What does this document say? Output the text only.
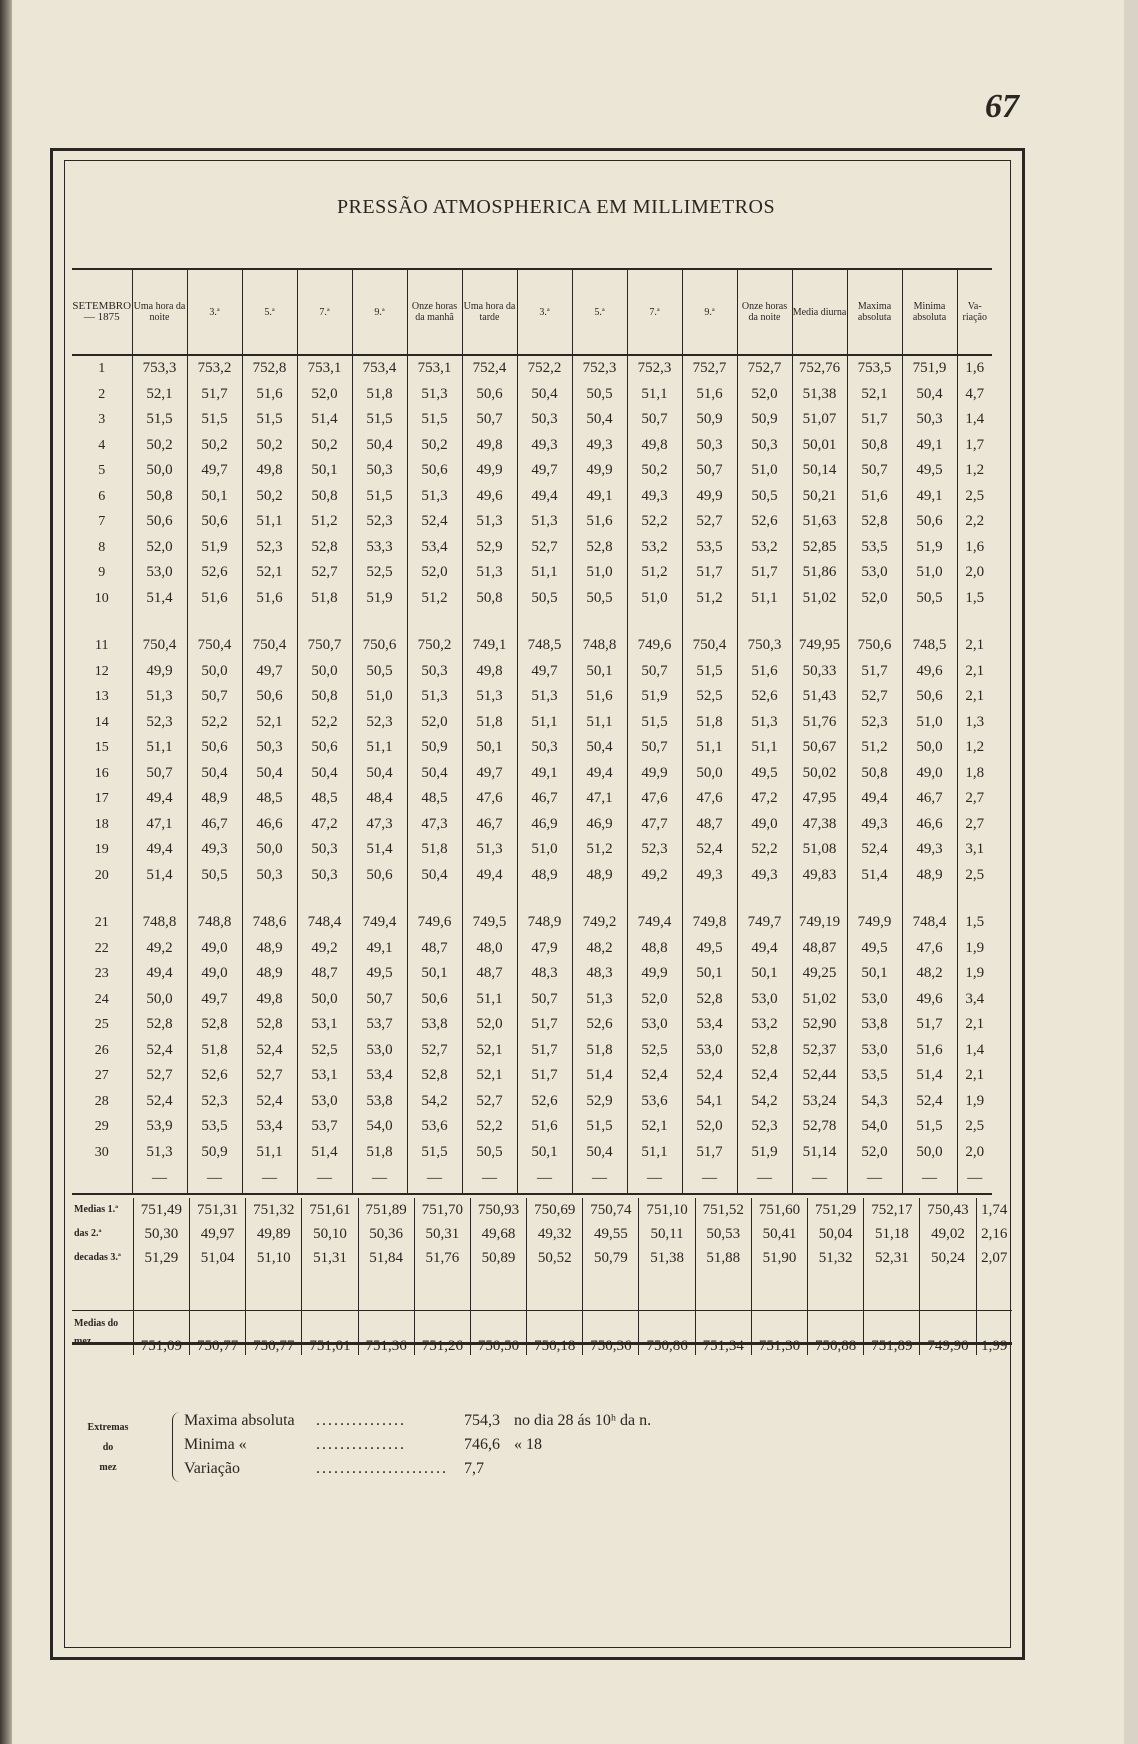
67
PRESSÃO ATMOSPHERICA EM MILLIMETROS
SETEMBRO — 1875	Uma hora da noite	3.ª	5.ª	7.ª	9.ª	Onze horas da manhã	Uma hora da tarde	3.ª	5.ª	7.ª	9.ª	Onze horas da noite	Media diurna	Maxima absoluta	Minima absoluta	Va- riação
1	753,3	753,2	752,8	753,1	753,4	753,1	752,4	752,2	752,3	752,3	752,7	752,7	752,76	753,5	751,9	1,6
2	52,1	51,7	51,6	52,0	51,8	51,3	50,6	50,4	50,5	51,1	51,6	52,0	51,38	52,1	50,4	4,7
3	51,5	51,5	51,5	51,4	51,5	51,5	50,7	50,3	50,4	50,7	50,9	50,9	51,07	51,7	50,3	1,4
4	50,2	50,2	50,2	50,2	50,4	50,2	49,8	49,3	49,3	49,8	50,3	50,3	50,01	50,8	49,1	1,7
5	50,0	49,7	49,8	50,1	50,3	50,6	49,9	49,7	49,9	50,2	50,7	51,0	50,14	50,7	49,5	1,2
6	50,8	50,1	50,2	50,8	51,5	51,3	49,6	49,4	49,1	49,3	49,9	50,5	50,21	51,6	49,1	2,5
7	50,6	50,6	51,1	51,2	52,3	52,4	51,3	51,3	51,6	52,2	52,7	52,6	51,63	52,8	50,6	2,2
8	52,0	51,9	52,3	52,8	53,3	53,4	52,9	52,7	52,8	53,2	53,5	53,2	52,85	53,5	51,9	1,6
9	53,0	52,6	52,1	52,7	52,5	52,0	51,3	51,1	51,0	51,2	51,7	51,7	51,86	53,0	51,0	2,0
10	51,4	51,6	51,6	51,8	51,9	51,2	50,8	50,5	50,5	51,0	51,2	51,1	51,02	52,0	50,5	1,5

11	750,4	750,4	750,4	750,7	750,6	750,2	749,1	748,5	748,8	749,6	750,4	750,3	749,95	750,6	748,5	2,1
12	49,9	50,0	49,7	50,0	50,5	50,3	49,8	49,7	50,1	50,7	51,5	51,6	50,33	51,7	49,6	2,1
13	51,3	50,7	50,6	50,8	51,0	51,3	51,3	51,3	51,6	51,9	52,5	52,6	51,43	52,7	50,6	2,1
14	52,3	52,2	52,1	52,2	52,3	52,0	51,8	51,1	51,1	51,5	51,8	51,3	51,76	52,3	51,0	1,3
15	51,1	50,6	50,3	50,6	51,1	50,9	50,1	50,3	50,4	50,7	51,1	51,1	50,67	51,2	50,0	1,2
16	50,7	50,4	50,4	50,4	50,4	50,4	49,7	49,1	49,4	49,9	50,0	49,5	50,02	50,8	49,0	1,8
17	49,4	48,9	48,5	48,5	48,4	48,5	47,6	46,7	47,1	47,6	47,6	47,2	47,95	49,4	46,7	2,7
18	47,1	46,7	46,6	47,2	47,3	47,3	46,7	46,9	46,9	47,7	48,7	49,0	47,38	49,3	46,6	2,7
19	49,4	49,3	50,0	50,3	51,4	51,8	51,3	51,0	51,2	52,3	52,4	52,2	51,08	52,4	49,3	3,1
20	51,4	50,5	50,3	50,3	50,6	50,4	49,4	48,9	48,9	49,2	49,3	49,3	49,83	51,4	48,9	2,5

21	748,8	748,8	748,6	748,4	749,4	749,6	749,5	748,9	749,2	749,4	749,8	749,7	749,19	749,9	748,4	1,5
22	49,2	49,0	48,9	49,2	49,1	48,7	48,0	47,9	48,2	48,8	49,5	49,4	48,87	49,5	47,6	1,9
23	49,4	49,0	48,9	48,7	49,5	50,1	48,7	48,3	48,3	49,9	50,1	50,1	49,25	50,1	48,2	1,9
24	50,0	49,7	49,8	50,0	50,7	50,6	51,1	50,7	51,3	52,0	52,8	53,0	51,02	53,0	49,6	3,4
25	52,8	52,8	52,8	53,1	53,7	53,8	52,0	51,7	52,6	53,0	53,4	53,2	52,90	53,8	51,7	2,1
26	52,4	51,8	52,4	52,5	53,0	52,7	52,1	51,7	51,8	52,5	53,0	52,8	52,37	53,0	51,6	1,4
27	52,7	52,6	52,7	53,1	53,4	52,8	52,1	51,7	51,4	52,4	52,4	52,4	52,44	53,5	51,4	2,1
28	52,4	52,3	52,4	53,0	53,8	54,2	52,7	52,6	52,9	53,6	54,1	54,2	53,24	54,3	52,4	1,9
29	53,9	53,5	53,4	53,7	54,0	53,6	52,2	51,6	51,5	52,1	52,0	52,3	52,78	54,0	51,5	2,5
30	51,3	50,9	51,1	51,4	51,8	51,5	50,5	50,1	50,4	51,1	51,7	51,9	51,14	52,0	50,0	2,0
	—	—	—	—	—	—	—	—	—	—	—	—	—	—	—	—
Medias 1.ª	751,49	751,31	751,32	751,61	751,89	751,70	750,93	750,69	750,74	751,10	751,52	751,60	751,29	752,17	750,43	1,74
das 2.ª	50,30	49,97	49,89	50,10	50,36	50,31	49,68	49,32	49,55	50,11	50,53	50,41	50,04	51,18	49,02	2,16
decadas 3.ª	51,29	51,04	51,10	51,31	51,84	51,76	50,89	50,52	50,79	51,38	51,88	51,90	51,32	52,31	50,24	2,07

Medias do mez..........	751,09	750,77	750,77	751,01	751,36	751,26	750,50	750,18	750,36	750,86	751,34	751,30	750,88	751,89	749,90	1,99
Extremas
do
mez
Maxima absoluta ...............	754,3 no dia 28 ás 10ʰ da n.
Minima «	...............	746,6 « 18
Variação	...................... 7,7
